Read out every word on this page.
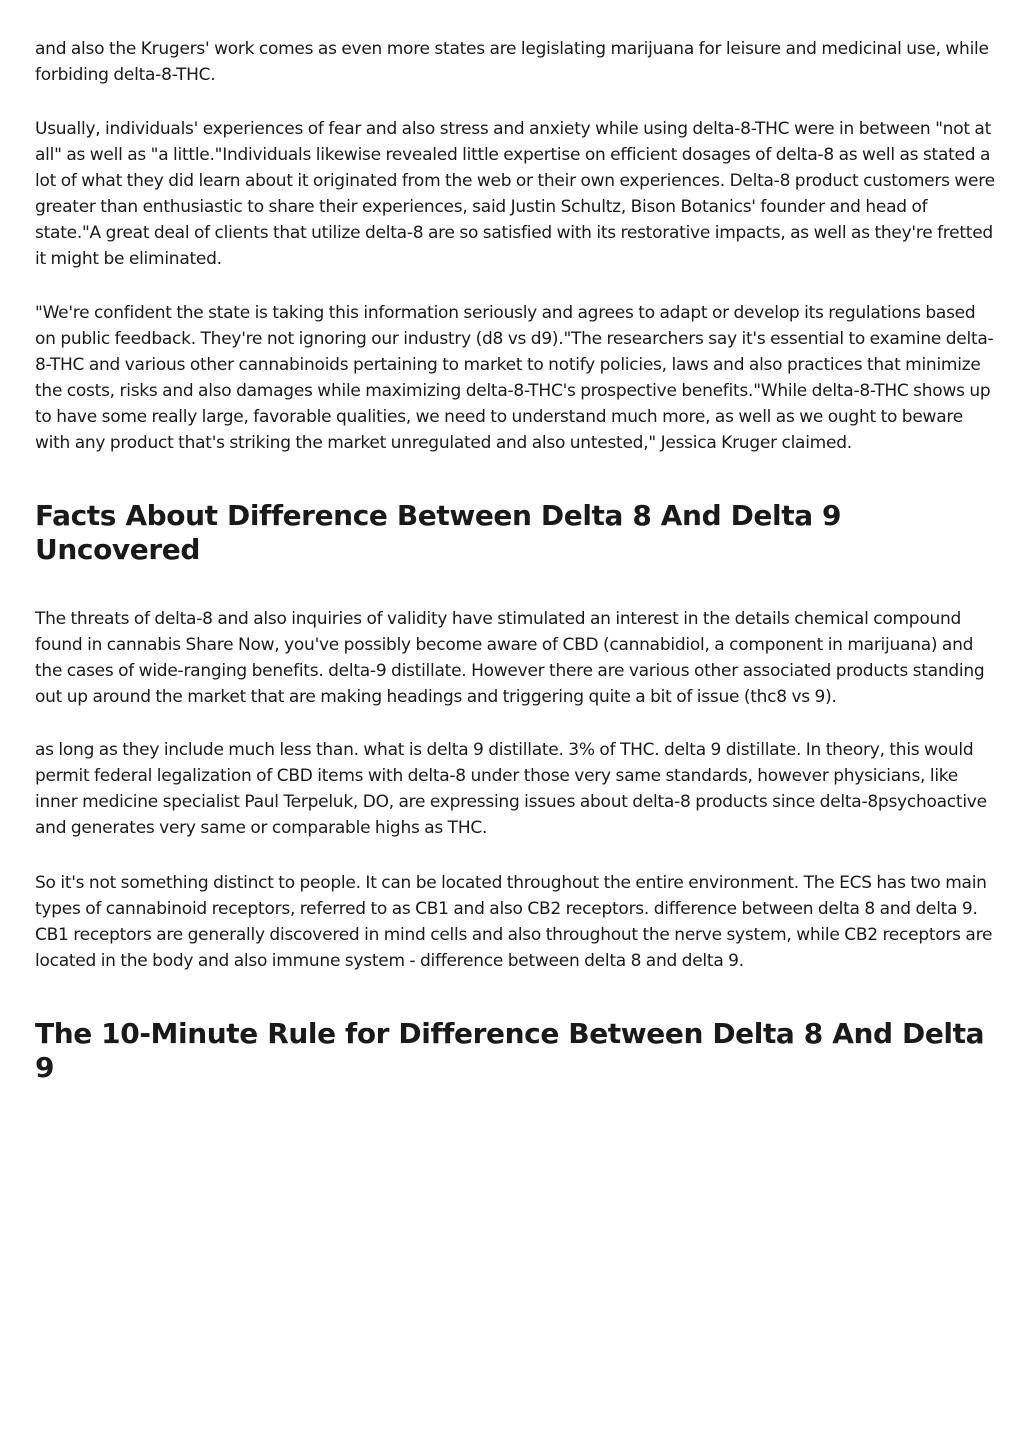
and also the Krugers' work comes as even more states are legislating marijuana for leisure and medicinal use, while forbiding delta-8-THC.

Usually, individuals' experiences of fear and also stress and anxiety while using delta-8-THC were in between "not at all" as well as "a little."Individuals likewise revealed little expertise on efficient dosages of delta-8 as well as stated a lot of what they did learn about it originated from the web or their own experiences. Delta-8 product customers were greater than enthusiastic to share their experiences, said Justin Schultz, Bison Botanics' founder and head of state."A great deal of clients that utilize delta-8 are so satisfied with its restorative impacts, as well as they're fretted it might be eliminated.

"We're confident the state is taking this information seriously and agrees to adapt or develop its regulations based on public feedback. They're not ignoring our industry (d8 vs d9)."The researchers say it's essential to examine delta-8-THC and various other cannabinoids pertaining to market to notify policies, laws and also practices that minimize the costs, risks and also damages while maximizing delta-8-THC's prospective benefits."While delta-8-THC shows up to have some really large, favorable qualities, we need to understand much more, as well as we ought to beware with any product that's striking the market unregulated and also untested," Jessica Kruger claimed.

Facts About Difference Between Delta 8 And Delta 9 Uncovered

The threats of delta-8 and also inquiries of validity have stimulated an interest in the details chemical compound found in cannabis Share Now, you've possibly become aware of CBD (cannabidiol, a component in marijuana) and the cases of wide-ranging benefits. delta-9 distillate. However there are various other associated products standing out up around the market that are making headings and triggering quite a bit of issue (thc8 vs 9).

as long as they include much less than. what is delta 9 distillate. 3% of THC. delta 9 distillate. In theory, this would permit federal legalization of CBD items with delta-8 under those very same standards, however physicians, like inner medicine specialist Paul Terpeluk, DO, are expressing issues about delta-8 products since delta-8psychoactive and generates very same or comparable highs as THC.

So it's not something distinct to people. It can be located throughout the entire environment. The ECS has two main types of cannabinoid receptors, referred to as CB1 and also CB2 receptors. difference between delta 8 and delta 9. CB1 receptors are generally discovered in mind cells and also throughout the nerve system, while CB2 receptors are located in the body and also immune system - difference between delta 8 and delta 9.

The 10-Minute Rule for Difference Between Delta 8 And Delta 9
